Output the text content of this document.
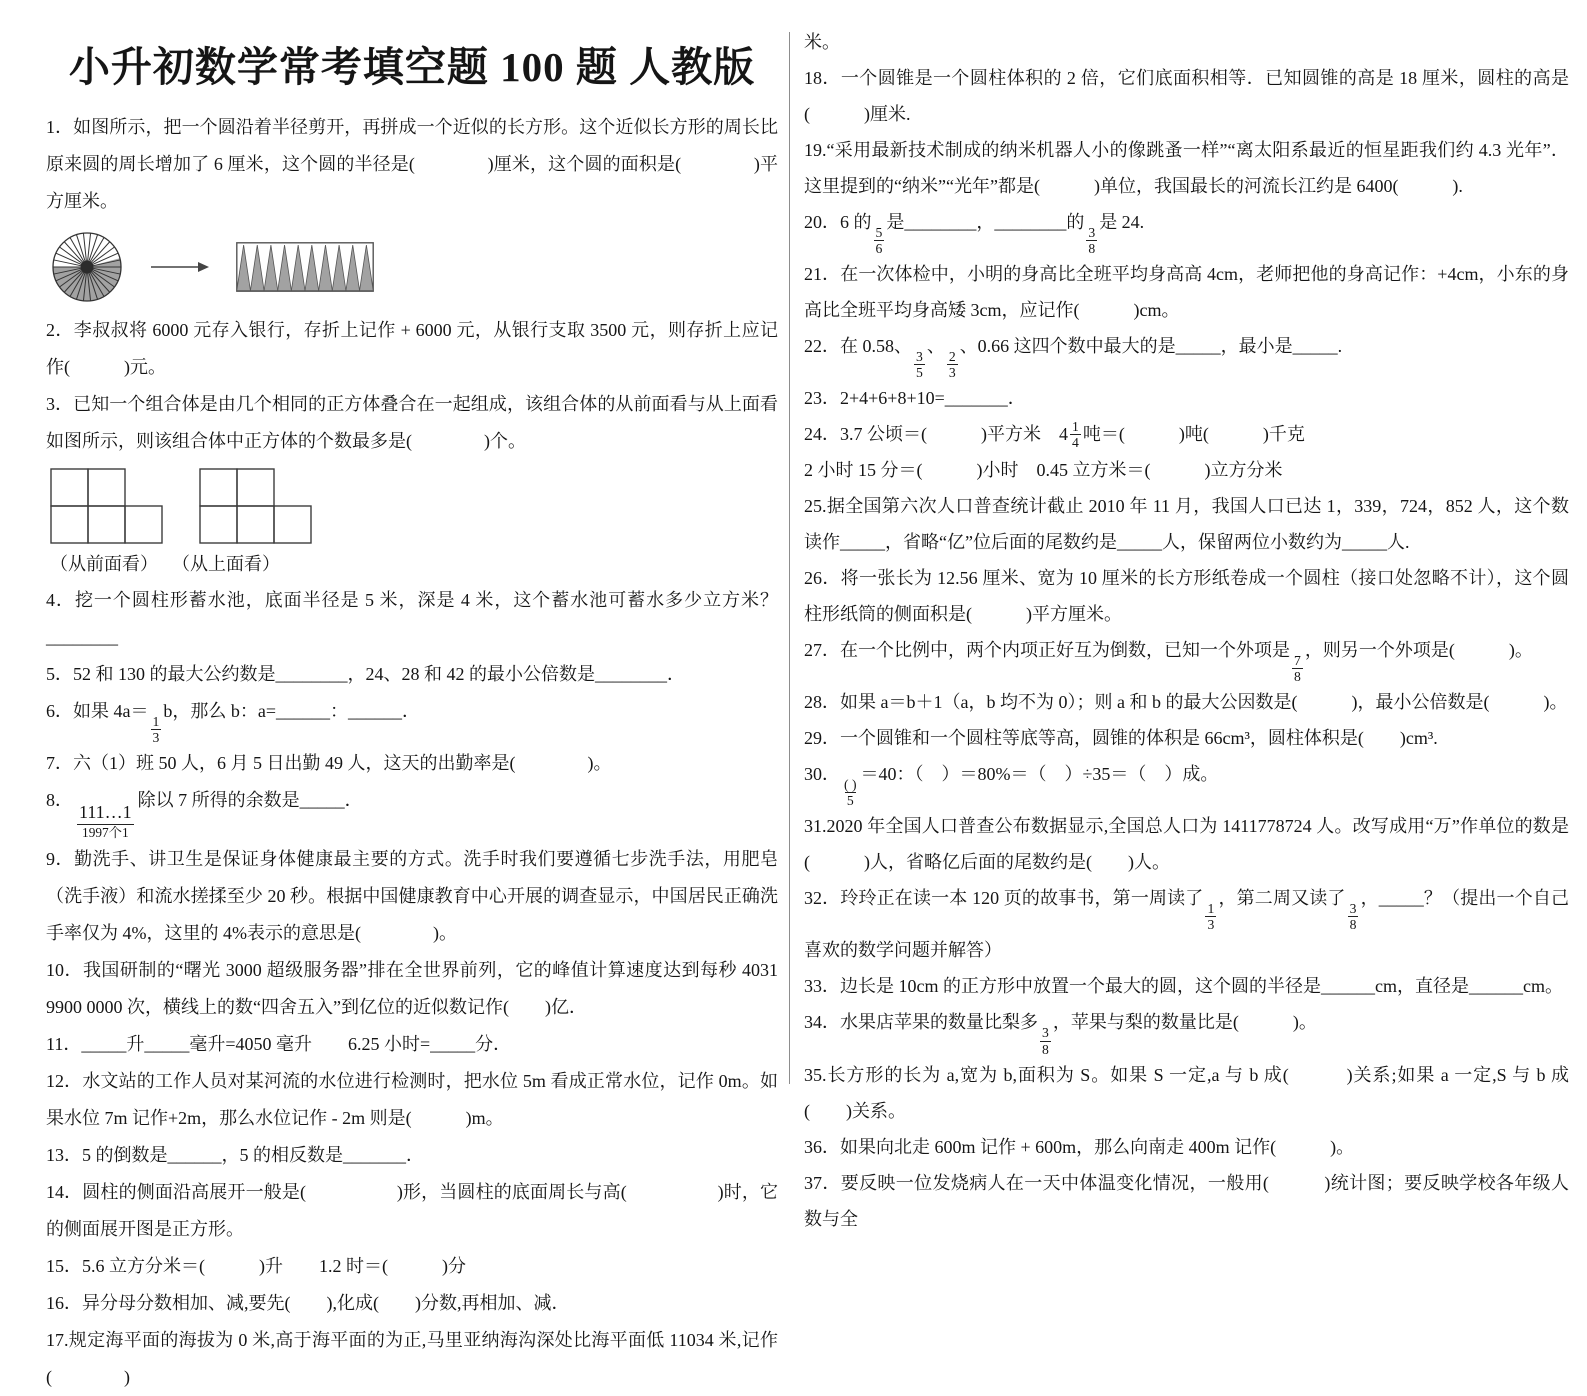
小升初数学常考填空题 100 题 人教版

1．如图所示，把一个圆沿着半径剪开，再拼成一个近似的长方形。这个近似长方形的周长比原来圆的周长增加了 6 厘米，这个圆的半径是(　　　　)厘米，这个圆的面积是(　　　　)平方厘米。

2．李叔叔将 6000 元存入银行，存折上记作 + 6000 元，从银行支取 3500 元，则存折上应记作(　　　)元。

3．已知一个组合体是由几个相同的正方体叠合在一起组成，该组合体的从前面看与从上面看如图所示，则该组合体中正方体的个数最多是(　　　　)个。

（从前面看） （从上面看）

4．挖一个圆柱形蓄水池，底面半径是 5 米，深是 4 米，这个蓄水池可蓄水多少立方米？________

5．52 和 130 的最大公约数是________，24、28 和 42 的最小公倍数是________．

6．如果 4a＝
$\frac{1}{3}$
b，那么 b：a=______：______．

7．六（1）班 50 人，6 月 5 日出勤 49 人，这天的出勤率是(　　　　)。

8．
111…1
1997个1
除以 7 所得的余数是_____．

9．勤洗手、讲卫生是保证身体健康最主要的方式。洗手时我们要遵循七步洗手法，用肥皂（洗手液）和流水搓揉至少 20 秒。根据中国健康教育中心开展的调查显示，中国居民正确洗手率仅为 4%，这里的 4%表示的意思是(　　　　)。

10．我国研制的“曙光 3000 超级服务器”排在全世界前列，它的峰值计算速度达到每秒 4031 9900 0000 次，横线上的数“四舍五入”到亿位的近似数记作(　　)亿．

11．_____升_____毫升=4050 毫升　　6.25 小时=_____分．

12．水文站的工作人员对某河流的水位进行检测时，把水位 5m 看成正常水位，记作 0m。如果水位 7m 记作+2m，那么水位记作 - 2m 则是(　　　)m。

13．5 的倒数是______，5 的相反数是_______．

14．圆柱的侧面沿高展开一般是(　　　　　)形，当圆柱的底面周长与高(　　　　　)时，它的侧面展开图是正方形。

15．5.6 立方分米＝(　　　)升　　1.2 时＝(　　　)分

16．异分母分数相加、减,要先(　　),化成(　　)分数,再相加、减．

17.规定海平面的海拔为 0 米,高于海平面的为正,马里亚纳海沟深处比海平面低 11034 米,记作(　　　　)

米。

18．一个圆锥是一个圆柱体积的 2 倍，它们底面积相等．已知圆锥的高是 18 厘米，圆柱的高是(　　　)厘米.

19.“采用最新技术制成的纳米机器人小的像跳蚤一样”“离太阳系最近的恒星距我们约 4.3 光年”．这里提到的“纳米”“光年”都是(　　　)单位，我国最长的河流长江约是 6400(　　　).

20．6 的
$\frac{5}{6}$
是________，________的
$\frac{3}{8}$
是 24.

21．在一次体检中，小明的身高比全班平均身高高 4cm，老师把他的身高记作：+4cm，小东的身高比全班平均身高矮 3cm，应记作(　　　)cm。

22．在 0.58、
$\frac{3}{5}$
、
$\frac{2}{3}$
、0.66 这四个数中最大的是_____，最小是_____.

23．2+4+6+8+10=_______．

24．3.7 公顷＝(　　　)平方米　$4 \frac{1}{4}$ 吨＝(　　　)吨(　　　)千克

2 小时 15 分＝(　　　)小时　0.45 立方米＝(　　　)立方分米

25.据全国第六次人口普查统计截止 2010 年 11 月，我国人口已达 1，339，724，852 人，这个数读作_____，省略“亿”位后面的尾数约是_____人，保留两位小数约为_____人.

26．将一张长为 12.56 厘米、宽为 10 厘米的长方形纸卷成一个圆柱（接口处忽略不计），这个圆柱形纸筒的侧面积是(　　　)平方厘米。

27．在一个比例中，两个内项正好互为倒数，已知一个外项是
$\frac{7}{8}$
，则另一个外项是(　　　)。

28．如果 a＝b＋1（a，b 均不为 0）；则 a 和 b 的最大公因数是(　　　)，最小公倍数是(　　　)。

29．一个圆锥和一个圆柱等底等高，圆锥的体积是 66cm³，圆柱体积是(　　)cm³.

30．
$\frac{( )}{5}$
＝40：（　）＝80%＝（　）÷35＝（　）成。

31.2020 年全国人口普查公布数据显示,全国总人口为 1411778724 人。改写成用“万”作单位的数是(　　　)人，省略亿后面的尾数约是(　　)人。

32．玲玲正在读一本 120 页的故事书，第一周读了
$\frac{1}{3}$
，第二周又读了
$\frac{3}{8}$
，_____？（提出一个自己喜欢的数学问题并解答）

33．边长是 10cm 的正方形中放置一个最大的圆，这个圆的半径是______cm，直径是______cm。

34．水果店苹果的数量比梨多
$\frac{3}{8}$
，苹果与梨的数量比是(　　　)。

35.长方形的长为 a,宽为 b,面积为 S。如果 S 一定,a 与 b 成(　　　)关系;如果 a 一定,S 与 b 成(　　)关系。

36．如果向北走 600m 记作 + 600m，那么向南走 400m 记作(　　　)。

37．要反映一位发烧病人在一天中体温变化情况，一般用(　　　)统计图；要反映学校各年级人数与全
